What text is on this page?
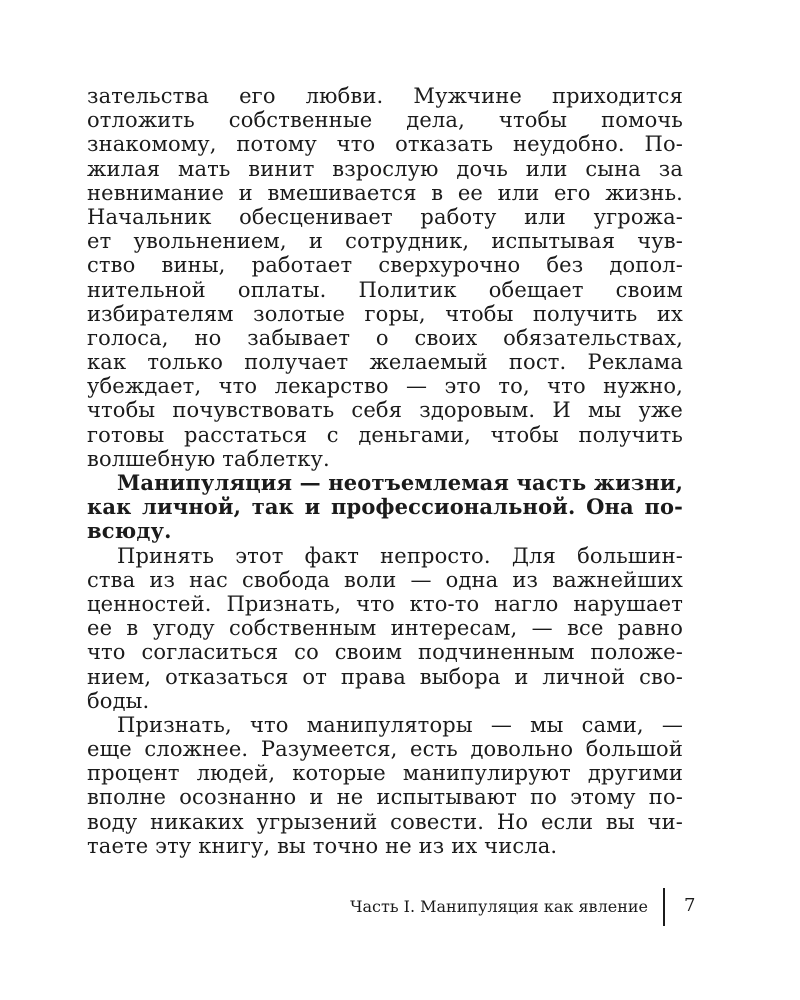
зательства его любви. Мужчине приходится
отложить собственные дела, чтобы помочь
знакомому, потому что отказать неудобно. По-
жилая мать винит взрослую дочь или сына за
невнимание и вмешивается в ее или его жизнь.
Начальник обесценивает работу или угрожа-
ет увольнением, и сотрудник, испытывая чув-
ство вины, работает сверхурочно без допол-
нительной оплаты. Политик обещает своим
избирателям золотые горы, чтобы получить их
голоса, но забывает о своих обязательствах,
как только получает желаемый пост. Реклама
убеждает, что лекарство — это то, что нужно,
чтобы почувствовать себя здоровым. И мы уже
готовы расстаться с деньгами, чтобы получить
волшебную таблетку.
Манипуляция — неотъемлемая часть жизни,
как личной, так и профессиональной. Она по-
всюду.
Принять этот факт непросто. Для большин-
ства из нас свобода воли — одна из важнейших
ценностей. Признать, что кто-то нагло нарушает
ее в угоду собственным интересам, — все равно
что согласиться со своим подчиненным положе-
нием, отказаться от права выбора и личной сво-
боды.
Признать, что манипуляторы — мы сами, —
еще сложнее. Разумеется, есть довольно большой
процент людей, которые манипулируют другими
вполне осознанно и не испытывают по этому по-
воду никаких угрызений совести. Но если вы чи-
таете эту книгу, вы точно не из их числа.
Часть I. Манипуляция как явление 7
